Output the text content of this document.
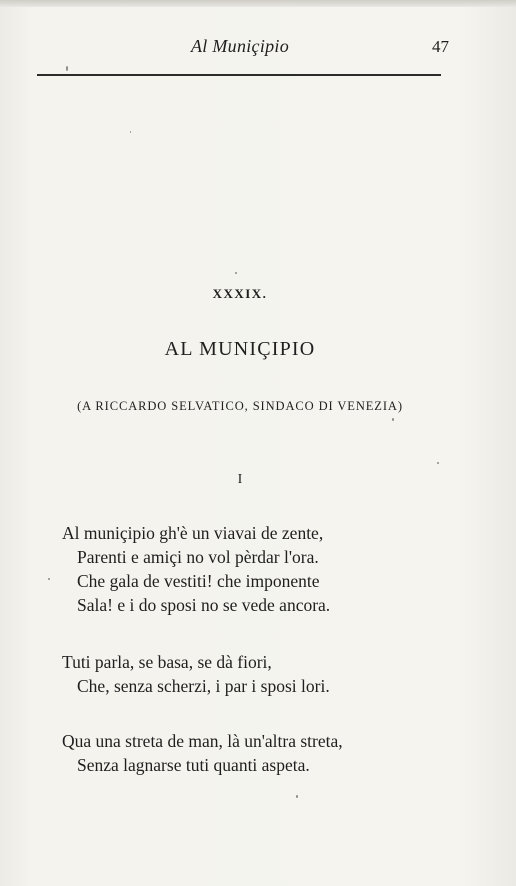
Al Muniçipio	47
XXXIX.
AL MUNIÇIPIO
(A RICCARDO SELVATICO, SINDACO DI VENEZIA)
I
Al muniçipio gh'è un viavai de zente,
Parenti e amiçi no vol pèrdar l'ora.
Che gala de vestiti! che imponente
Sala! e i do sposi no se vede ancora.
Tuti parla, se basa, se dà fiori,
Che, senza scherzi, i par i sposi lori.
Qua una streta de man, là un'altra streta,
Senza lagnarse tuti quanti aspeta.
